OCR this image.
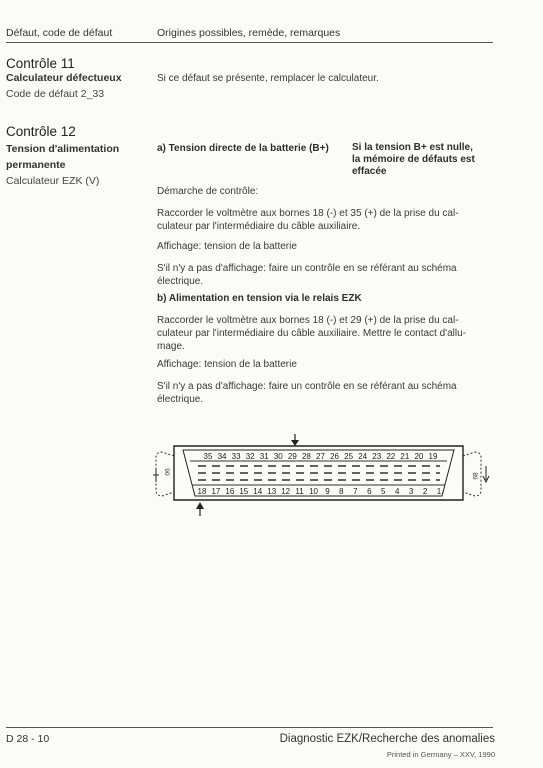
Défaut, code de défaut	Origines possibles, remède, remarques
Contrôle 11
Calculateur défectueux
Code de défaut 2_33
Si ce défaut se présente, remplacer le calculateur.
Contrôle 12
Tension d'alimentation
permanente
Calculateur EZK (V)
a) Tension directe de la batterie (B+)	Si la tension B+ est nulle,
la mémoire de défauts est
effacée
Démarche de contrôle:
Raccorder le voltmètre aux bornes 18 (-) et 35 (+) de la prise du cal-
culateur par l'intermédiaire du câble auxiliaire.
Affichage: tension de la batterie
S'il n'y a pas d'affichage: faire un contrôle en se référant au schéma
électrique.
b) Alimentation en tension via le relais EZK
Raccorder le voltmètre aux bornes 18 (-) et 29 (+) de la prise du cal-
culateur par l'intermédiaire du câble auxiliaire. Mettre le contact d'allu-
mage.
Affichage: tension de la batterie
S'il n'y a pas d'affichage: faire un contrôle en se référant au schéma
électrique.
35 34 33 32 31 30 29 28 27 26 25 24 23 22 21 20 19
18 17 16 15 14 13 12 11 10 9 8 7 6 5 4 3 2 1
90
89
D 28 - 10	Diagnostic EZK/Recherche des anomalies
Printed in Germany – XXV, 1990
